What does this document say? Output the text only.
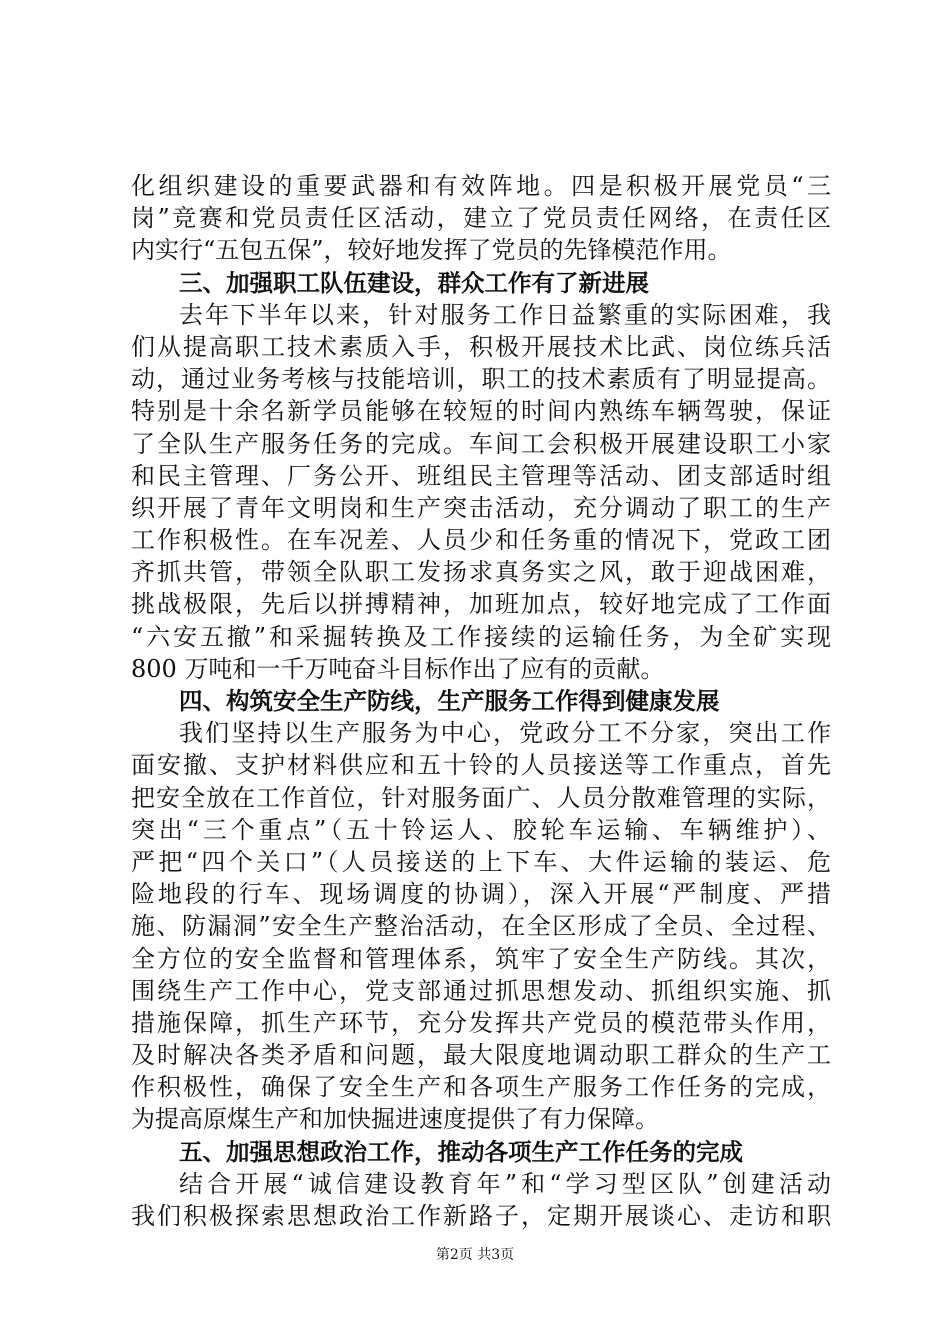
化组织建设的重要武器和有效阵地。四是积极开展党员“三
岗”竞赛和党员责任区活动，建立了党员责任网络，在责任区
内实行“五包五保”，较好地发挥了党员的先锋模范作用。
三、加强职工队伍建设，群众工作有了新进展
去年下半年以来，针对服务工作日益繁重的实际困难，我
们从提高职工技术素质入手，积极开展技术比武、岗位练兵活
动，通过业务考核与技能培训，职工的技术素质有了明显提高。
特别是十余名新学员能够在较短的时间内熟练车辆驾驶，保证
了全队生产服务任务的完成。车间工会积极开展建设职工小家
和民主管理、厂务公开、班组民主管理等活动、团支部适时组
织开展了青年文明岗和生产突击活动，充分调动了职工的生产
工作积极性。在车况差、人员少和任务重的情况下，党政工团
齐抓共管，带领全队职工发扬求真务实之风，敢于迎战困难，
挑战极限，先后以拼搏精神，加班加点，较好地完成了工作面
“六安五撤”和采掘转换及工作接续的运输任务，为全矿实现
800 万吨和一千万吨奋斗目标作出了应有的贡献。
四、构筑安全生产防线，生产服务工作得到健康发展
我们坚持以生产服务为中心，党政分工不分家，突出工作
面安撤、支护材料供应和五十铃的人员接送等工作重点，首先
把安全放在工作首位，针对服务面广、人员分散难管理的实际，
突出“三个重点”（五十铃运人、胶轮车运输、车辆维护）、
严把“四个关口”（人员接送的上下车、大件运输的装运、危
险地段的行车、现场调度的协调），深入开展“严制度、严措
施、防漏洞”安全生产整治活动，在全区形成了全员、全过程、
全方位的安全监督和管理体系，筑牢了安全生产防线。其次，
围绕生产工作中心，党支部通过抓思想发动、抓组织实施、抓
措施保障，抓生产环节，充分发挥共产党员的模范带头作用，
及时解决各类矛盾和问题，最大限度地调动职工群众的生产工
作积极性，确保了安全生产和各项生产服务工作任务的完成，
为提高原煤生产和加快掘进速度提供了有力保障。
五、加强思想政治工作，推动各项生产工作任务的完成
结合开展“诚信建设教育年”和“学习型区队”创建活动
我们积极探索思想政治工作新路子，定期开展谈心、走访和职
第2页 共3页
